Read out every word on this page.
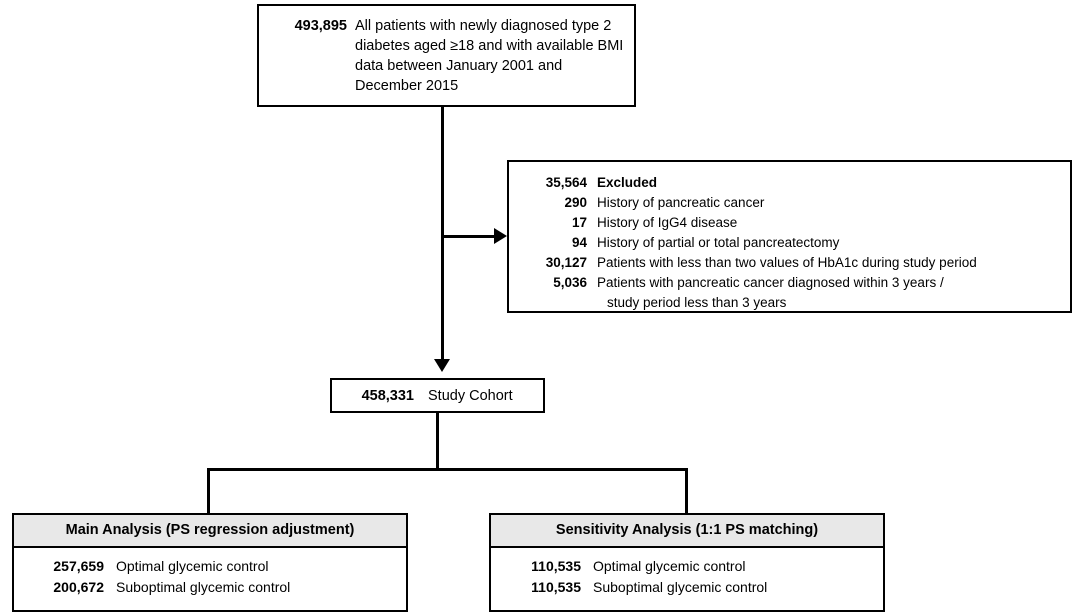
493,895 All patients with newly diagnosed type 2 diabetes aged ≥18 and with available BMI data between January 2001 and December 2015
35,564 Excluded
290 History of pancreatic cancer
17 History of IgG4 disease
94 History of partial or total pancreatectomy
30,127 Patients with less than two values of HbA1c during study period
5,036 Patients with pancreatic cancer diagnosed within 3 years /
study period less than 3 years
458,331 Study Cohort
Main Analysis (PS regression adjustment)
257,659 Optimal glycemic control
200,672 Suboptimal glycemic control
Sensitivity Analysis (1:1 PS matching)
110,535 Optimal glycemic control
110,535 Suboptimal glycemic control
